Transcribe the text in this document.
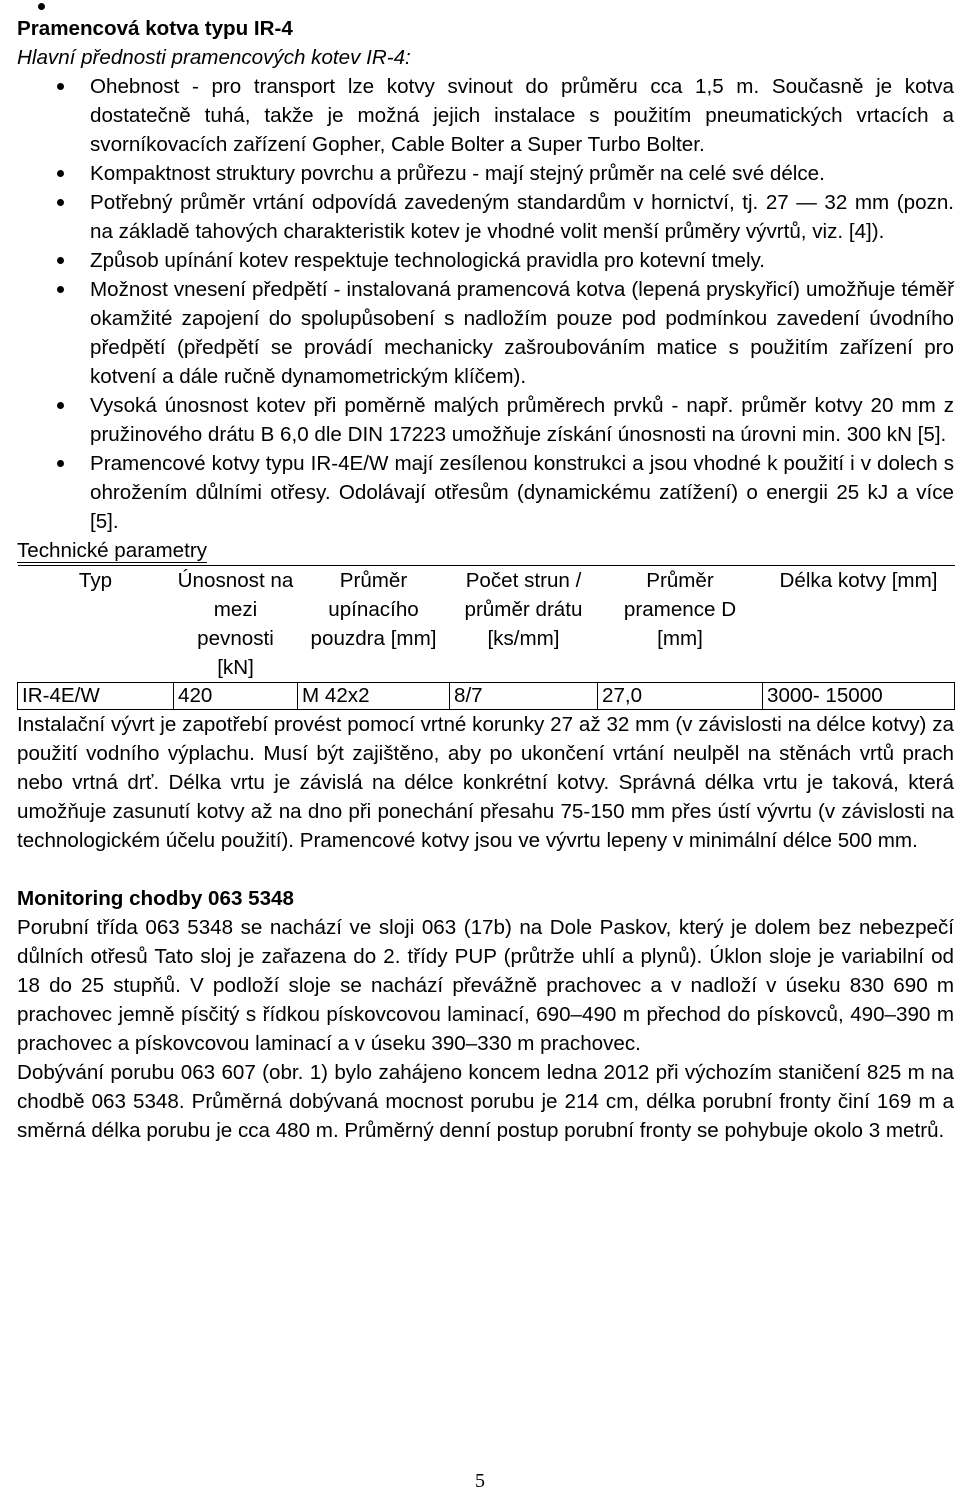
Pramencová kotva typu IR-4

Hlavní přednosti pramencových kotev IR-4:

Ohebnost - pro transport lze kotvy svinout do průměru cca 1,5 m. Současně je kotva dostatečně tuhá, takže je možná jejich instalace s použitím pneumatických vrtacích a svorníkovacích zařízení Gopher, Cable Bolter a Super Turbo Bolter.
Kompaktnost struktury povrchu a průřezu - mají stejný průměr na celé své délce.
Potřebný průměr vrtání odpovídá zavedeným standardům v hornictví, tj. 27 — 32 mm (pozn. na základě tahových charakteristik kotev je vhodné volit menší průměry vývrtů, viz. [4]).
Způsob upínání kotev respektuje technologická pravidla pro kotevní tmely.
Možnost vnesení předpětí - instalovaná pramencová kotva (lepená pryskyřicí) umožňuje téměř okamžité zapojení do spolupůsobení s nadložím pouze pod podmínkou zavedení úvodního předpětí (předpětí se provádí mechanicky zašroubováním matice s použitím zařízení pro kotvení a dále ručně dynamometrickým klíčem).
Vysoká únosnost kotev při poměrně malých průměrech prvků - např. průměr kotvy 20 mm z pružinového drátu B 6,0 dle DIN 17223 umožňuje získání únosnosti na úrovni min. 300 kN [5].
Pramencové kotvy typu IR-4E/W mají zesílenou konstrukci a jsou vhodné k použití i v dolech s ohrožením důlními otřesy. Odolávají otřesům (dynamickému zatížení) o energii 25 kJ a více [5].

Technické parametry

Typ	Únosnost na mezi pevnosti [kN]	Průměr upínacího pouzdra [mm]	Počet strun / průměr drátu [ks/mm]	Průměr pramence D [mm]	Délka kotvy [mm]
IR-4E/W	420	M 42x2	8/7	27,0	3000- 15000

Instalační vývrt je zapotřebí provést pomocí vrtné korunky 27 až 32 mm (v závislosti na délce kotvy) za použití vodního výplachu. Musí být zajištěno, aby po ukončení vrtání neulpěl na stěnách vrtů prach nebo vrtná drť. Délka vrtu je závislá na délce konkrétní kotvy. Správná délka vrtu je taková, která umožňuje zasunutí kotvy až na dno při ponechání přesahu 75-150 mm přes ústí vývrtu (v závislosti na technologickém účelu použití). Pramencové kotvy jsou ve vývrtu lepeny v minimální délce 500 mm.

Monitoring chodby 063 5348

Porubní třída 063 5348 se nachází ve sloji 063 (17b) na Dole Paskov, který je dolem bez nebezpečí důlních otřesů Tato sloj je zařazena do 2. třídy PUP (průtrže uhlí a plynů). Úklon sloje je variabilní od 18 do 25 stupňů. V podloží sloje se nachází převážně prachovec a v nadloží v úseku 830 690 m prachovec jemně písčitý s řídkou pískovcovou laminací, 690–490 m přechod do pískovců, 490–390 m prachovec a pískovcovou laminací a v úseku 390–330 m prachovec.

Dobývání porubu 063 607 (obr. 1) bylo zahájeno koncem ledna 2012 při výchozím staničení 825 m na chodbě 063 5348. Průměrná dobývaná mocnost porubu je 214 cm, délka porubní fronty činí 169 m a směrná délka porubu je cca 480 m. Průměrný denní postup porubní fronty se pohybuje okolo 3 metrů.

5
